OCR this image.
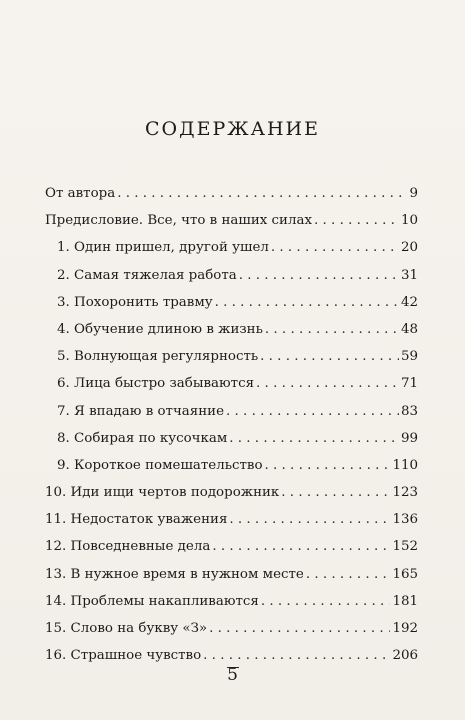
СОДЕРЖАНИЕ
От автора . . .	9
Предисловие. Все, что в наших силах . . .	10
1. Один пришел, другой ушел . . .	20
2. Самая тяжелая работа . . .	31
3. Похоронить травму . . .	42
4. Обучение длиною в жизнь . . .	48
5. Волнующая регулярность . . .	59
6. Лица быстро забываются . . .	71
7. Я впадаю в отчаяние . . .	83
8. Собирая по кусочкам . . .	99
9. Короткое помешательство . . .	110
10. Иди ищи чертов подорожник . . .	123
11. Недостаток уважения . . .	136
12. Повседневные дела . . .	152
13. В нужное время в нужном месте . . .	165
14. Проблемы накапливаются . . .	181
15. Слово на букву «З» . . .	192
16. Страшное чувство . . .	206
5
